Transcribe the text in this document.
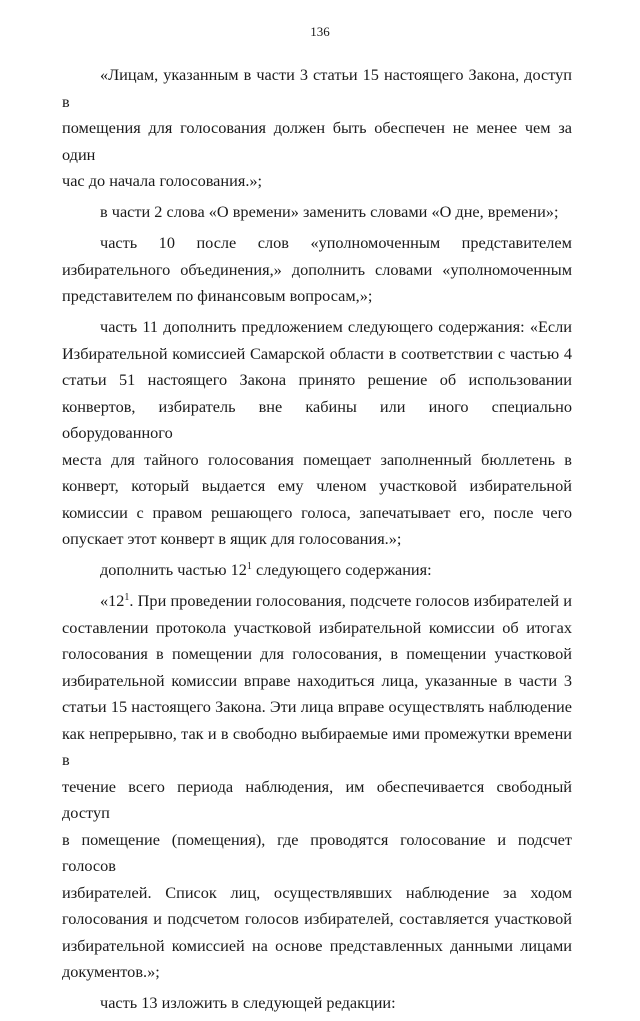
136
«Лицам, указанным в части 3 статьи 15 настоящего Закона, доступ в
помещения для голосования должен быть обеспечен не менее чем за один
час до начала голосования.»;
в части 2 слова «О времени» заменить словами «О дне, времени»;
часть 10 после слов «уполномоченным представителем
избирательного объединения,» дополнить словами «уполномоченным
представителем по финансовым вопросам,»;
часть 11 дополнить предложением следующего содержания: «Если
Избирательной комиссией Самарской области в соответствии с частью 4
статьи 51 настоящего Закона принято решение об использовании
конвертов, избиратель вне кабины или иного специально оборудованного
места для тайного голосования помещает заполненный бюллетень в
конверт, который выдается ему членом участковой избирательной
комиссии с правом решающего голоса, запечатывает его, после чего
опускает этот конверт в ящик для голосования.»;
дополнить частью $12^1$ следующего содержания:
«$12^1$. При проведении голосования, подсчете голосов избирателей и
составлении протокола участковой избирательной комиссии об итогах
голосования в помещении для голосования, в помещении участковой
избирательной комиссии вправе находиться лица, указанные в части 3
статьи 15 настоящего Закона. Эти лица вправе осуществлять наблюдение
как непрерывно, так и в свободно выбираемые ими промежутки времени в
течение всего периода наблюдения, им обеспечивается свободный доступ
в помещение (помещения), где проводятся голосование и подсчет голосов
избирателей. Список лиц, осуществлявших наблюдение за ходом
голосования и подсчетом голосов избирателей, составляется участковой
избирательной комиссией на основе представленных данными лицами
документов.»;
часть 13 изложить в следующей редакции:
